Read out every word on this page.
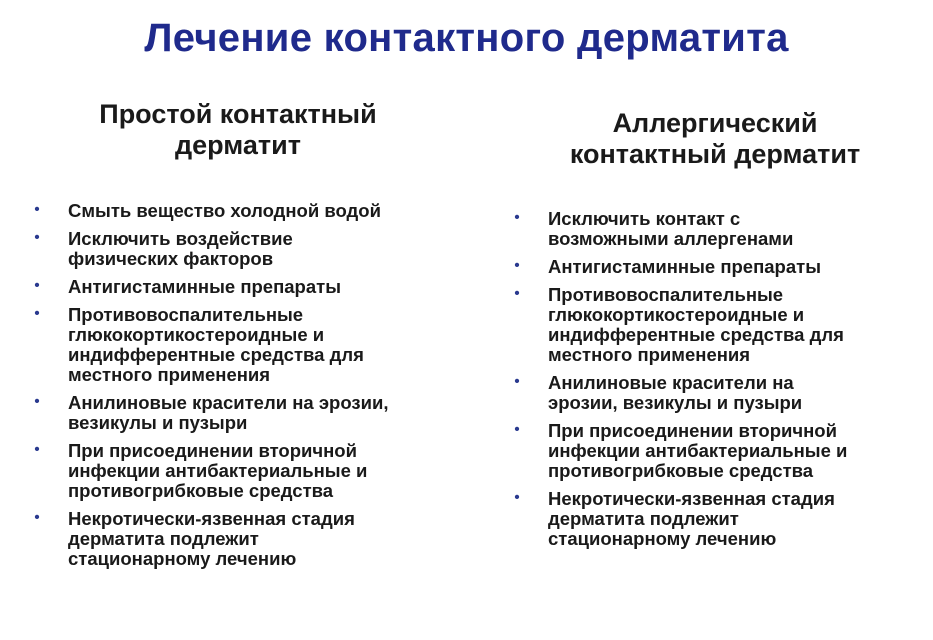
Лечение контактного дерматита
Простой контактный
дерматит
Аллергический
контактный дерматит
• Смыть вещество холодной водой
• Исключить воздействие
физических факторов
• Антигистаминные препараты
• Противовоспалительные
глюкокортикостероидные и
индифферентные средства для
местного применения
• Анилиновые красители на эрозии,
везикулы и пузыри
• При присоединении вторичной
инфекции антибактериальные и
противогрибковые средства
• Некротически-язвенная стадия
дерматита подлежит
стационарному лечению
• Исключить контакт с
возможными аллергенами
• Антигистаминные препараты
• Противовоспалительные
глюкокортикостероидные и
индифферентные средства для
местного применения
• Анилиновые красители на
эрозии, везикулы и пузыри
• При присоединении вторичной
инфекции антибактериальные и
противогрибковые средства
• Некротически-язвенная стадия
дерматита подлежит
стационарному лечению
